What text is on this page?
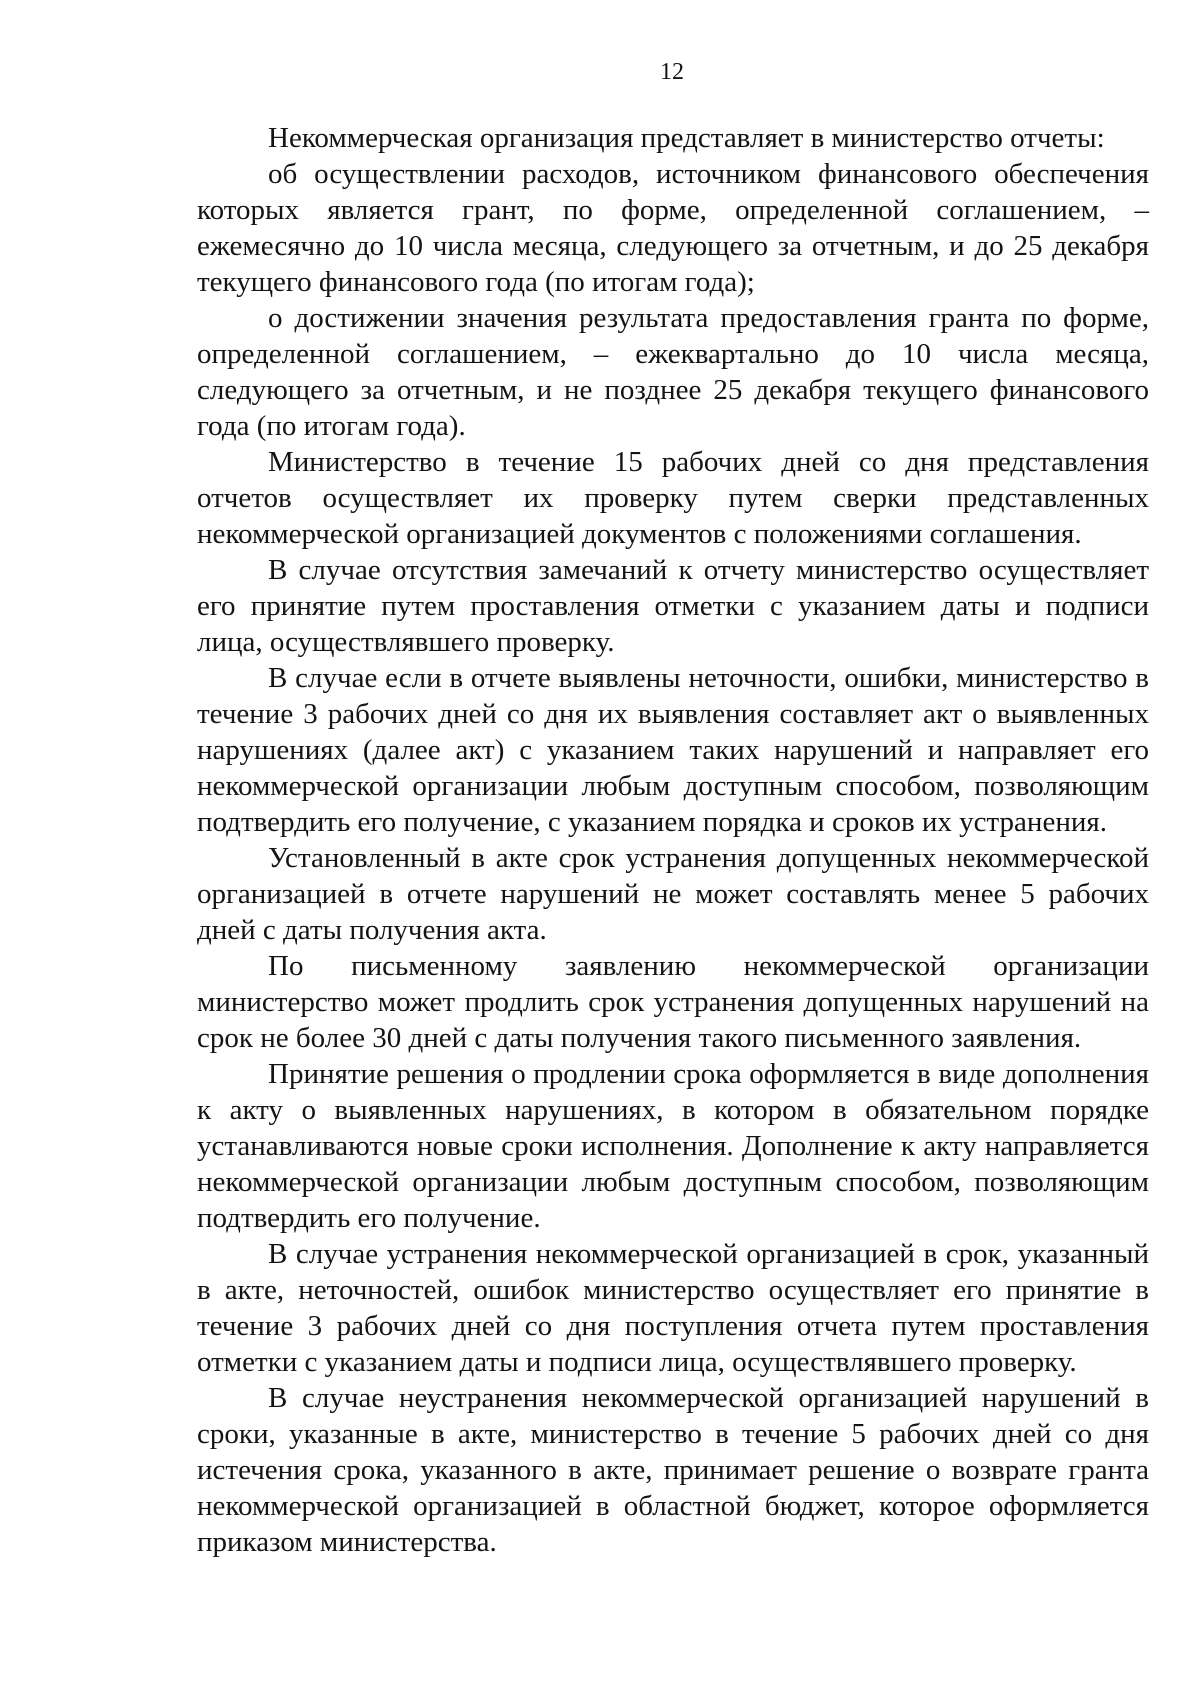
12

Некоммерческая организация представляет в министерство отчеты:

об осуществлении расходов, источником финансового обеспечения которых является грант, по форме, определенной соглашением, – ежемесячно до 10 числа месяца, следующего за отчетным, и до 25 декабря текущего финансового года (по итогам года);

о достижении значения результата предоставления гранта по форме, определенной соглашением, – ежеквартально до 10 числа месяца, следующего за отчетным, и не позднее 25 декабря текущего финансового года (по итогам года).

Министерство в течение 15 рабочих дней со дня представления отчетов осуществляет их проверку путем сверки представленных некоммерческой организацией документов с положениями соглашения.

В случае отсутствия замечаний к отчету министерство осуществляет его принятие путем проставления отметки с указанием даты и подписи лица, осуществлявшего проверку.

В случае если в отчете выявлены неточности, ошибки, министерство в течение 3 рабочих дней со дня их выявления составляет акт о выявленных нарушениях (далее акт) с указанием таких нарушений и направляет его некоммерческой организации любым доступным способом, позволяющим подтвердить его получение, с указанием порядка и сроков их устранения.

Установленный в акте срок устранения допущенных некоммерческой организацией в отчете нарушений не может составлять менее 5 рабочих дней с даты получения акта.

По письменному заявлению некоммерческой организации министерство может продлить срок устранения допущенных нарушений на срок не более 30 дней с даты получения такого письменного заявления.

Принятие решения о продлении срока оформляется в виде дополнения к акту о выявленных нарушениях, в котором в обязательном порядке устанавливаются новые сроки исполнения. Дополнение к акту направляется некоммерческой организации любым доступным способом, позволяющим подтвердить его получение.

В случае устранения некоммерческой организацией в срок, указанный в акте, неточностей, ошибок министерство осуществляет его принятие в течение 3 рабочих дней со дня поступления отчета путем проставления отметки с указанием даты и подписи лица, осуществлявшего проверку.

В случае неустранения некоммерческой организацией нарушений в сроки, указанные в акте, министерство в течение 5 рабочих дней со дня истечения срока, указанного в акте, принимает решение о возврате гранта некоммерческой организацией в областной бюджет, которое оформляется приказом министерства.
